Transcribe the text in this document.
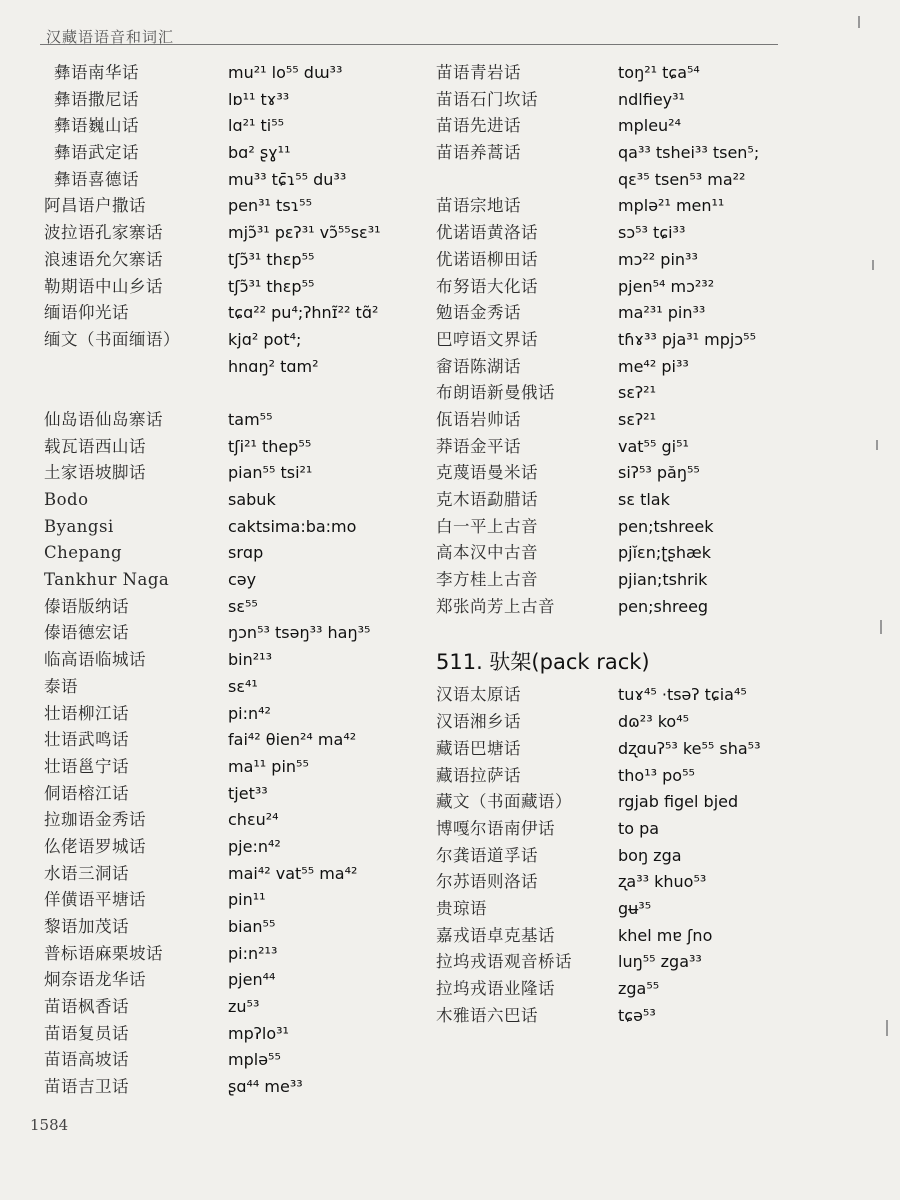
汉藏语语音和词汇
彝语南华话	mu²¹ lo⁵⁵ dɯ³³
彝语撒尼话	lɒ¹¹ tɤ³³
彝语巍山话	lɑ²¹ ti⁵⁵
彝语武定话	bɑ² ʂɣ¹¹
彝语喜德话	mu³³ tɕ̄ɿ⁵⁵ du³³
阿昌语户撒话	pen³¹ tsɿ⁵⁵
波拉语孔家寨话	mjɔ̃³¹ pɛʔ³¹ vɔ̃⁵⁵sɛ³¹
浪速语允欠寨话	tʃɔ̃³¹ thɛp⁵⁵
勒期语中山乡话	tʃɔ̃³¹ thɛp⁵⁵
缅语仰光话	tɕɑ²² pu⁴;ʔhnɪ̃²² tɑ̃²
缅文（书面缅语）	kjɑ² pot⁴;
hnɑŋ² tɑm²
仙岛语仙岛寨话	tam⁵⁵
载瓦语西山话	tʃi²¹ thep⁵⁵
土家语坡脚话	pian⁵⁵ tsi²¹
Bodo	sabuk
Byangsi	caktsima:ba:mo
Chepang	srɑp
Tankhur Naga	cəy
傣语版纳话	sɛ⁵⁵
傣语德宏话	ŋɔn⁵³ tsəŋ³³ haŋ³⁵
临高语临城话	bin²¹³
泰语	sɛ⁴¹
壮语柳江话	pi:n⁴²
壮语武鸣话	fai⁴² θien²⁴ ma⁴²
壮语邕宁话	ma¹¹ pin⁵⁵
侗语榕江话	tjet³³
拉珈语金秀话	chɛu²⁴
仫佬语罗城话	pje:n⁴²
水语三洞话	mai⁴² vat⁵⁵ ma⁴²
佯僙语平塘话	pin¹¹
黎语加茂话	bian⁵⁵
普标语麻栗坡话	pi:n²¹³
炯奈语龙华话	pjen⁴⁴
苗语枫香话	zu⁵³
苗语复员话	mpʔlo³¹
苗语高坡话	mplə⁵⁵
苗语吉卫话	ʂɑ⁴⁴ me³³
苗语青岩话	toŋ²¹ tɕa⁵⁴
苗语石门坎话	ndlfiey³¹
苗语先进话	mpleu²⁴
苗语养蒿话	qa³³ tshei³³ tsen⁵;
qɛ³⁵ tsen⁵³ ma²²
苗语宗地话	mplə²¹ men¹¹
优诺语黄洛话	sɔ⁵³ tɕi³³
优诺语柳田话	mɔ²² pin³³
布努语大化话	pjen⁵⁴ mɔ²³²
勉语金秀话	ma²³¹ pin³³
巴哼语文界话	tɦɤ³³ pja³¹ mpjɔ⁵⁵
畲语陈湖话	me⁴² pi³³
布朗语新曼俄话	sɛʔ²¹
佤语岩帅话	sɛʔ²¹
莽语金平话	vat⁵⁵ gi⁵¹
克蔑语曼米话	siʔ⁵³ păŋ⁵⁵
克木语勐腊话	sɛ tlak
白一平上古音	pen;tshreek
高本汉中古音	pjĭɛn;ʈʂhæk
李方桂上古音	pjian;tshrik
郑张尚芳上古音	pen;shreeg
511. 驮架(pack rack)
汉语太原话	tuɤ⁴⁵ ·tsəʔ tɕia⁴⁵
汉语湘乡话	dɷ²³ ko⁴⁵
藏语巴塘话	dʐɑuʔ⁵³ ke⁵⁵ sha⁵³
藏语拉萨话	tho¹³ po⁵⁵
藏文（书面藏语）	rgjab figel bjed
博嘎尔语南伊话	to pa
尔龚语道孚话	boŋ zga
尔苏语则洛话	ʐa³³ khuo⁵³
贵琼语	gʉ³⁵
嘉戎语卓克基话	khel mɐ ʃno
拉坞戎语观音桥话	luŋ⁵⁵ zga³³
拉坞戎语业隆话	zga⁵⁵
木雅语六巴话	tɕə⁵³
1584
